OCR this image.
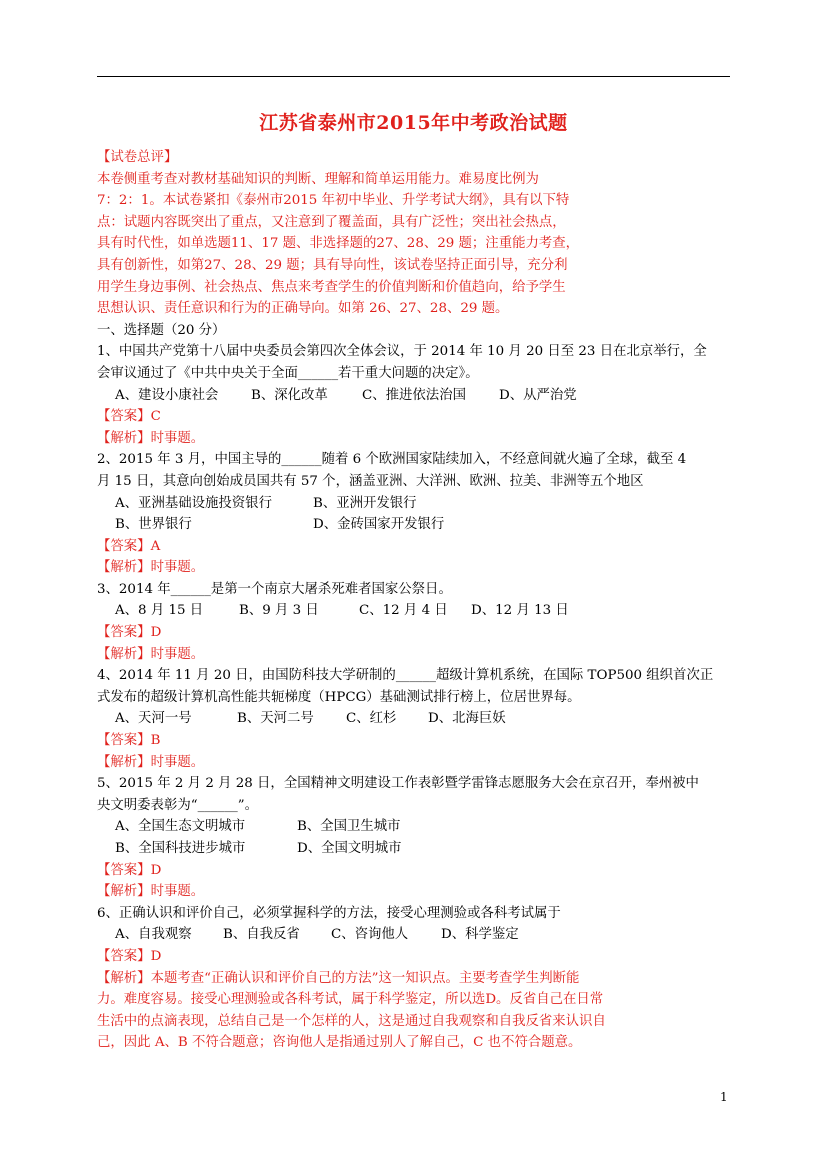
江苏省泰州市2015年中考政治试题
【试卷总评】
本卷侧重考查对教材基础知识的判断、理解和简单运用能力。难易度比例为
7：2：1。本试卷紧扣《泰州市2015 年初中毕业、升学考试大纲》，具有以下特
点：试题内容既突出了重点，又注意到了覆盖面，具有广泛性；突出社会热点，
具有时代性，如单选题11、17 题、非选择题的27、28、29 题；注重能力考查，
具有创新性，如第27、28、29 题；具有导向性，该试卷坚持正面引导，充分利
用学生身边事例、社会热点、焦点来考查学生的价值判断和价值趋向，给予学生
思想认识、责任意识和行为的正确导向。如第 26、27、28、29 题。
一、选择题（20 分）
1、中国共产党第十八届中央委员会第四次全体会议，于 2014 年 10 月 20 日至 23 日在北京举行，全
会审议通过了《中共中央关于全面______若干重大问题的决定》。
A、建设小康社会 B、深化改革	C、推进依法治国 D、从严治党
【答案】C
【解析】时事题。
2、2015 年 3 月，中国主导的______随着 6 个欧洲国家陆续加入，不经意间就火遍了全球，截至 4
月 15 日，其意向创始成员国共有 57 个，涵盖亚洲、大洋洲、欧洲、拉美、非洲等五个地区
A、亚洲基础设施投资银行	B、亚洲开发银行
B、世界银行	D、金砖国家开发银行
【答案】A
【解析】时事题。
3、2014 年______是第一个南京大屠杀死难者国家公祭日。
A、8 月 15 日	B、9 月 3 日	C、12 月 4 日 D、12 月 13 日
【答案】D
【解析】时事题。
4、2014 年 11 月 20 日，由国防科技大学研制的______超级计算机系统，在国际 TOP500 组织首次正
式发布的超级计算机高性能共轭梯度（HPCG）基础测试排行榜上，位居世界每。
A、天河一号	B、天河二号 C、红杉 D、北海巨妖
【答案】B
【解析】时事题。
5、2015 年 2 月 2 月 28 日，全国精神文明建设工作表彰暨学雷锋志愿服务大会在京召开，奉州被中
央文明委表彰为“______”。
A、全国生态文明城市	B、全国卫生城市
B、全国科技进步城市	D、全国文明城市
【答案】D
【解析】时事题。
6、正确认识和评价自己，必须掌握科学的方法，接受心理测验或各科考试属于
A、自我观察 B、自我反省 C、咨询他人 D、科学鉴定
【答案】D
【解析】本题考查“正确认识和评价自己的方法”这一知识点。主要考查学生判断能
力。难度容易。接受心理测验或各科考试，属于科学鉴定，所以选D。反省自己在日常
生活中的点滴表现，总结自己是一个怎样的人，这是通过自我观察和自我反省来认识自
己，因此 A、B 不符合题意；咨询他人是指通过别人了解自己，C 也不符合题意。
1
